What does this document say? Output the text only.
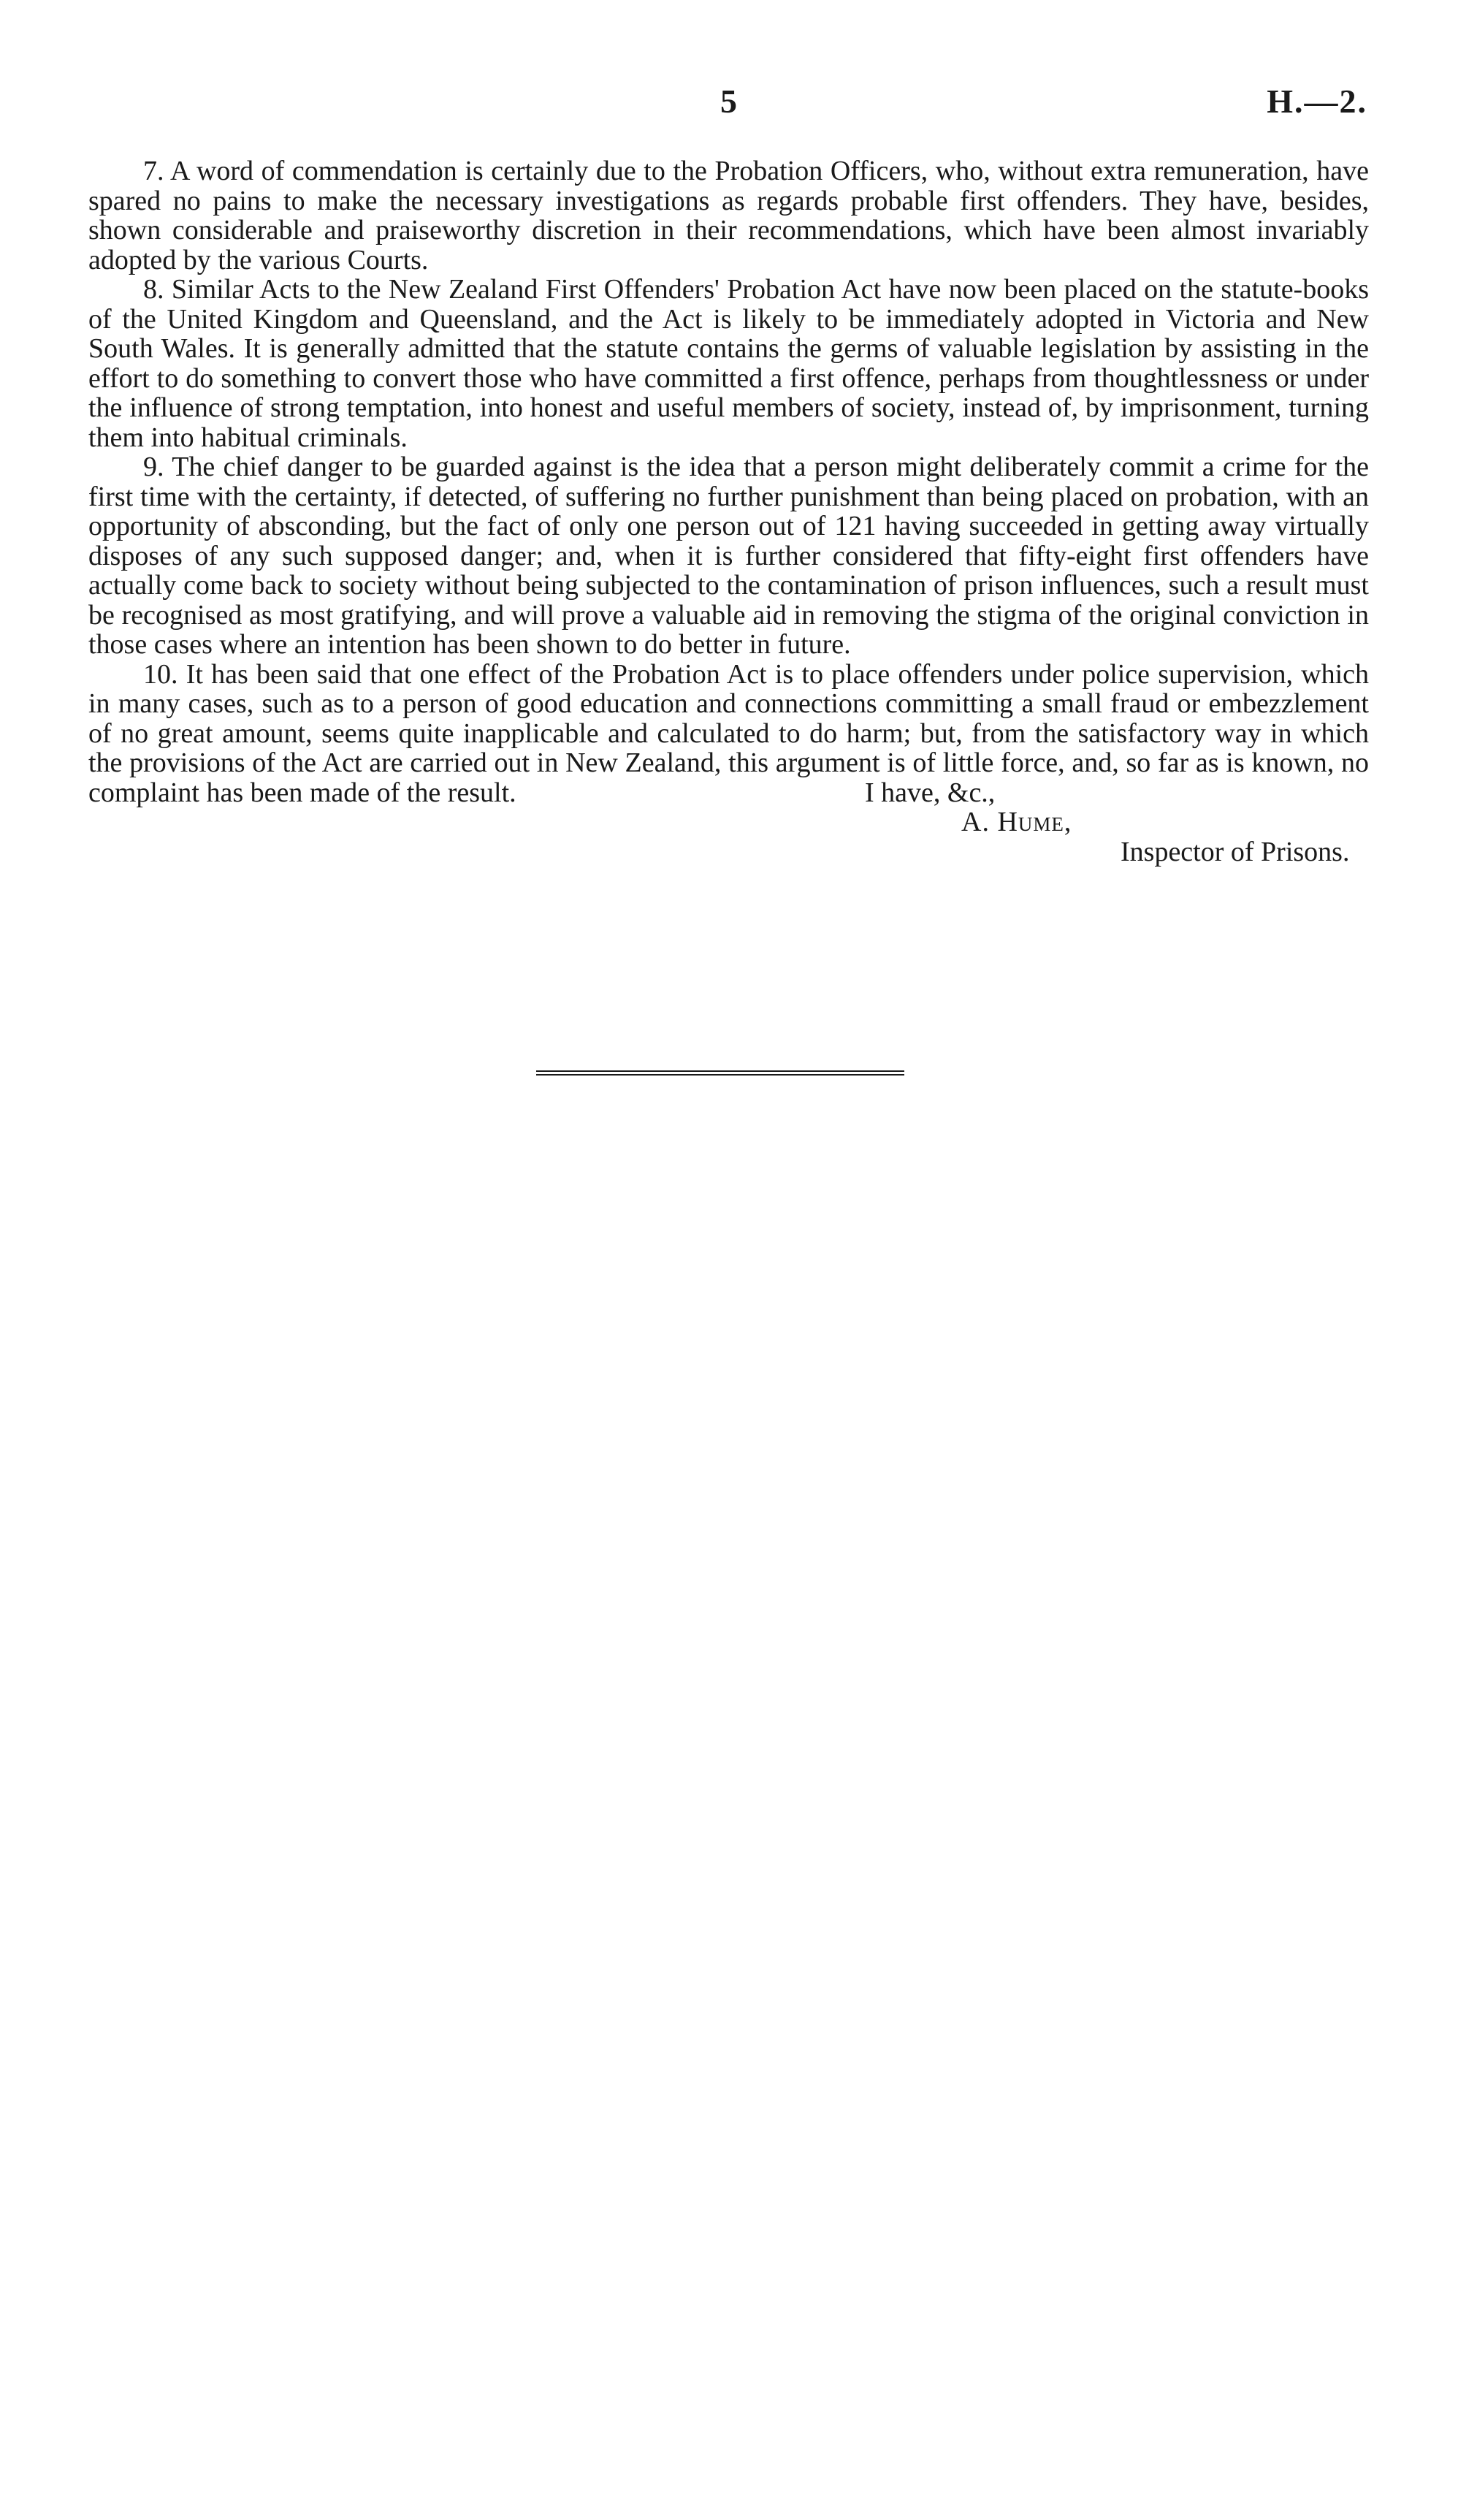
5	H.—2.

7. A word of commendation is certainly due to the Probation Officers, who, without extra remuneration, have spared no pains to make the necessary investigations as regards probable first offenders. They have, besides, shown considerable and praiseworthy discretion in their recommendations, which have been almost invariably adopted by the various Courts.

8. Similar Acts to the New Zealand First Offenders' Probation Act have now been placed on the statute-books of the United Kingdom and Queensland, and the Act is likely to be immediately adopted in Victoria and New South Wales. It is generally admitted that the statute contains the germs of valuable legislation by assisting in the effort to do something to convert those who have committed a first offence, perhaps from thoughtlessness or under the influence of strong temptation, into honest and useful members of society, instead of, by imprisonment, turning them into habitual criminals.

9. The chief danger to be guarded against is the idea that a person might deliberately commit a crime for the first time with the certainty, if detected, of suffering no further punishment than being placed on probation, with an opportunity of absconding, but the fact of only one person out of 121 having succeeded in getting away virtually disposes of any such supposed danger; and, when it is further considered that fifty-eight first offenders have actually come back to society without being subjected to the contamination of prison influences, such a result must be recognised as most gratifying, and will prove a valuable aid in removing the stigma of the original conviction in those cases where an intention has been shown to do better in future.

10. It has been said that one effect of the Probation Act is to place offenders under police supervision, which in many cases, such as to a person of good education and connections committing a small fraud or embezzlement of no great amount, seems quite inapplicable and calculated to do harm; but, from the satisfactory way in which the provisions of the Act are carried out in New Zealand, this argument is of little force, and, so far as is known, no complaint has been made of the result.	I have, &c.,
A. Hume,
Inspector of Prisons.
